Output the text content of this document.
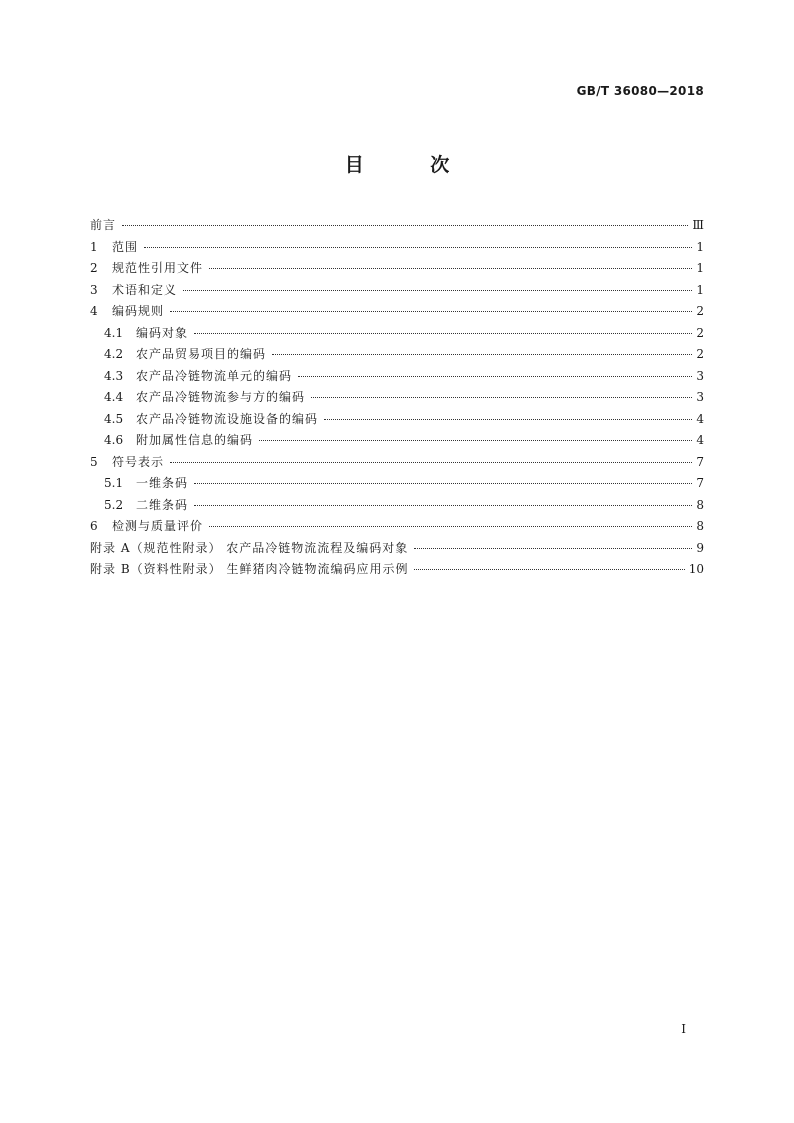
GB/T 36080—2018
目 次
前言	Ⅲ
1	范围	1
2	规范性引用文件	1
3	术语和定义	1
4	编码规则	2
4.1	编码对象	2
4.2	农产品贸易项目的编码	2
4.3	农产品冷链物流单元的编码	3
4.4	农产品冷链物流参与方的编码	3
4.5	农产品冷链物流设施设备的编码	4
4.6	附加属性信息的编码	4
5	符号表示	7
5.1	一维条码	7
5.2	二维条码	8
6	检测与质量评价	8
附录 A（规范性附录） 农产品冷链物流流程及编码对象	9
附录 B（资料性附录） 生鲜猪肉冷链物流编码应用示例	10
I
